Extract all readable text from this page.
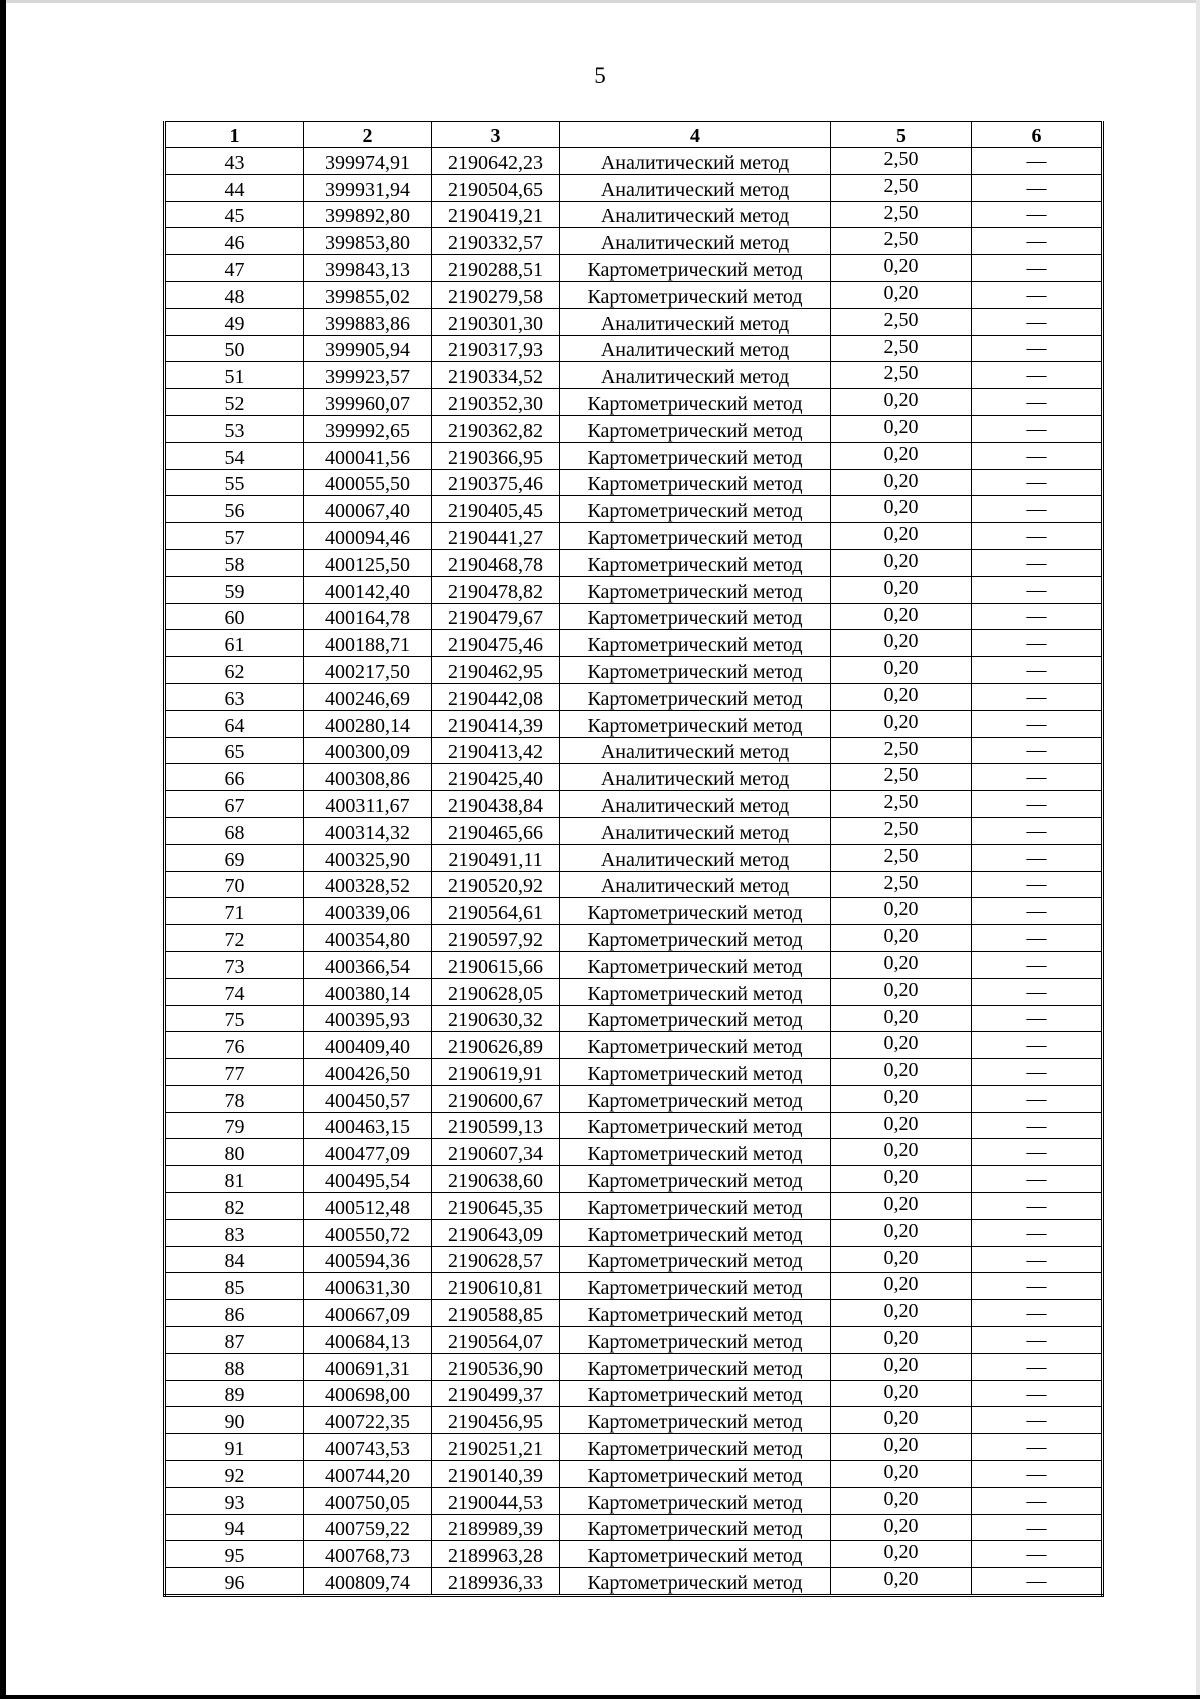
5
1	2	3	4	5	6
43	399974,91	2190642,23	Аналитический метод	2,50	—
44	399931,94	2190504,65	Аналитический метод	2,50	—
45	399892,80	2190419,21	Аналитический метод	2,50	—
46	399853,80	2190332,57	Аналитический метод	2,50	—
47	399843,13	2190288,51	Картометрический метод	0,20	—
48	399855,02	2190279,58	Картометрический метод	0,20	—
49	399883,86	2190301,30	Аналитический метод	2,50	—
50	399905,94	2190317,93	Аналитический метод	2,50	—
51	399923,57	2190334,52	Аналитический метод	2,50	—
52	399960,07	2190352,30	Картометрический метод	0,20	—
53	399992,65	2190362,82	Картометрический метод	0,20	—
54	400041,56	2190366,95	Картометрический метод	0,20	—
55	400055,50	2190375,46	Картометрический метод	0,20	—
56	400067,40	2190405,45	Картометрический метод	0,20	—
57	400094,46	2190441,27	Картометрический метод	0,20	—
58	400125,50	2190468,78	Картометрический метод	0,20	—
59	400142,40	2190478,82	Картометрический метод	0,20	—
60	400164,78	2190479,67	Картометрический метод	0,20	—
61	400188,71	2190475,46	Картометрический метод	0,20	—
62	400217,50	2190462,95	Картометрический метод	0,20	—
63	400246,69	2190442,08	Картометрический метод	0,20	—
64	400280,14	2190414,39	Картометрический метод	0,20	—
65	400300,09	2190413,42	Аналитический метод	2,50	—
66	400308,86	2190425,40	Аналитический метод	2,50	—
67	400311,67	2190438,84	Аналитический метод	2,50	—
68	400314,32	2190465,66	Аналитический метод	2,50	—
69	400325,90	2190491,11	Аналитический метод	2,50	—
70	400328,52	2190520,92	Аналитический метод	2,50	—
71	400339,06	2190564,61	Картометрический метод	0,20	—
72	400354,80	2190597,92	Картометрический метод	0,20	—
73	400366,54	2190615,66	Картометрический метод	0,20	—
74	400380,14	2190628,05	Картометрический метод	0,20	—
75	400395,93	2190630,32	Картометрический метод	0,20	—
76	400409,40	2190626,89	Картометрический метод	0,20	—
77	400426,50	2190619,91	Картометрический метод	0,20	—
78	400450,57	2190600,67	Картометрический метод	0,20	—
79	400463,15	2190599,13	Картометрический метод	0,20	—
80	400477,09	2190607,34	Картометрический метод	0,20	—
81	400495,54	2190638,60	Картометрический метод	0,20	—
82	400512,48	2190645,35	Картометрический метод	0,20	—
83	400550,72	2190643,09	Картометрический метод	0,20	—
84	400594,36	2190628,57	Картометрический метод	0,20	—
85	400631,30	2190610,81	Картометрический метод	0,20	—
86	400667,09	2190588,85	Картометрический метод	0,20	—
87	400684,13	2190564,07	Картометрический метод	0,20	—
88	400691,31	2190536,90	Картометрический метод	0,20	—
89	400698,00	2190499,37	Картометрический метод	0,20	—
90	400722,35	2190456,95	Картометрический метод	0,20	—
91	400743,53	2190251,21	Картометрический метод	0,20	—
92	400744,20	2190140,39	Картометрический метод	0,20	—
93	400750,05	2190044,53	Картометрический метод	0,20	—
94	400759,22	2189989,39	Картометрический метод	0,20	—
95	400768,73	2189963,28	Картометрический метод	0,20	—
96	400809,74	2189936,33	Картометрический метод	0,20	—
